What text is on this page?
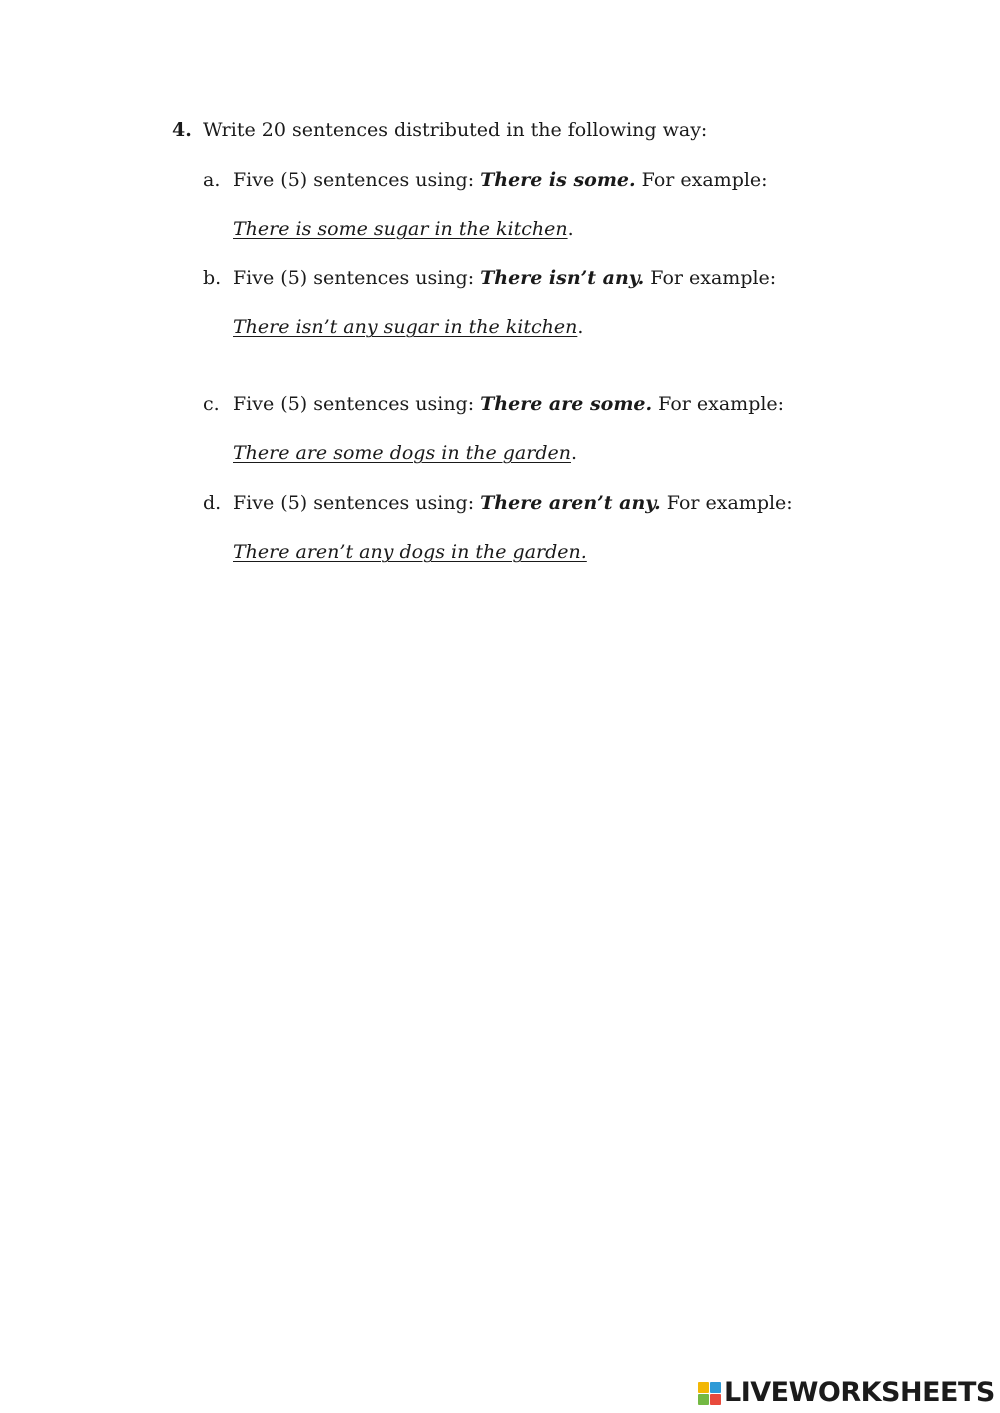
4. Write 20 sentences distributed in the following way:
a. Five (5) sentences using: There is some. For example:
There is some sugar in the kitchen.
b. Five (5) sentences using: There isn’t any. For example:
There isn’t any sugar in the kitchen.
c. Five (5) sentences using: There are some. For example:
There are some dogs in the garden.
d. Five (5) sentences using: There aren’t any. For example:
There aren’t any dogs in the garden.
LIVEWORKSHEETS
